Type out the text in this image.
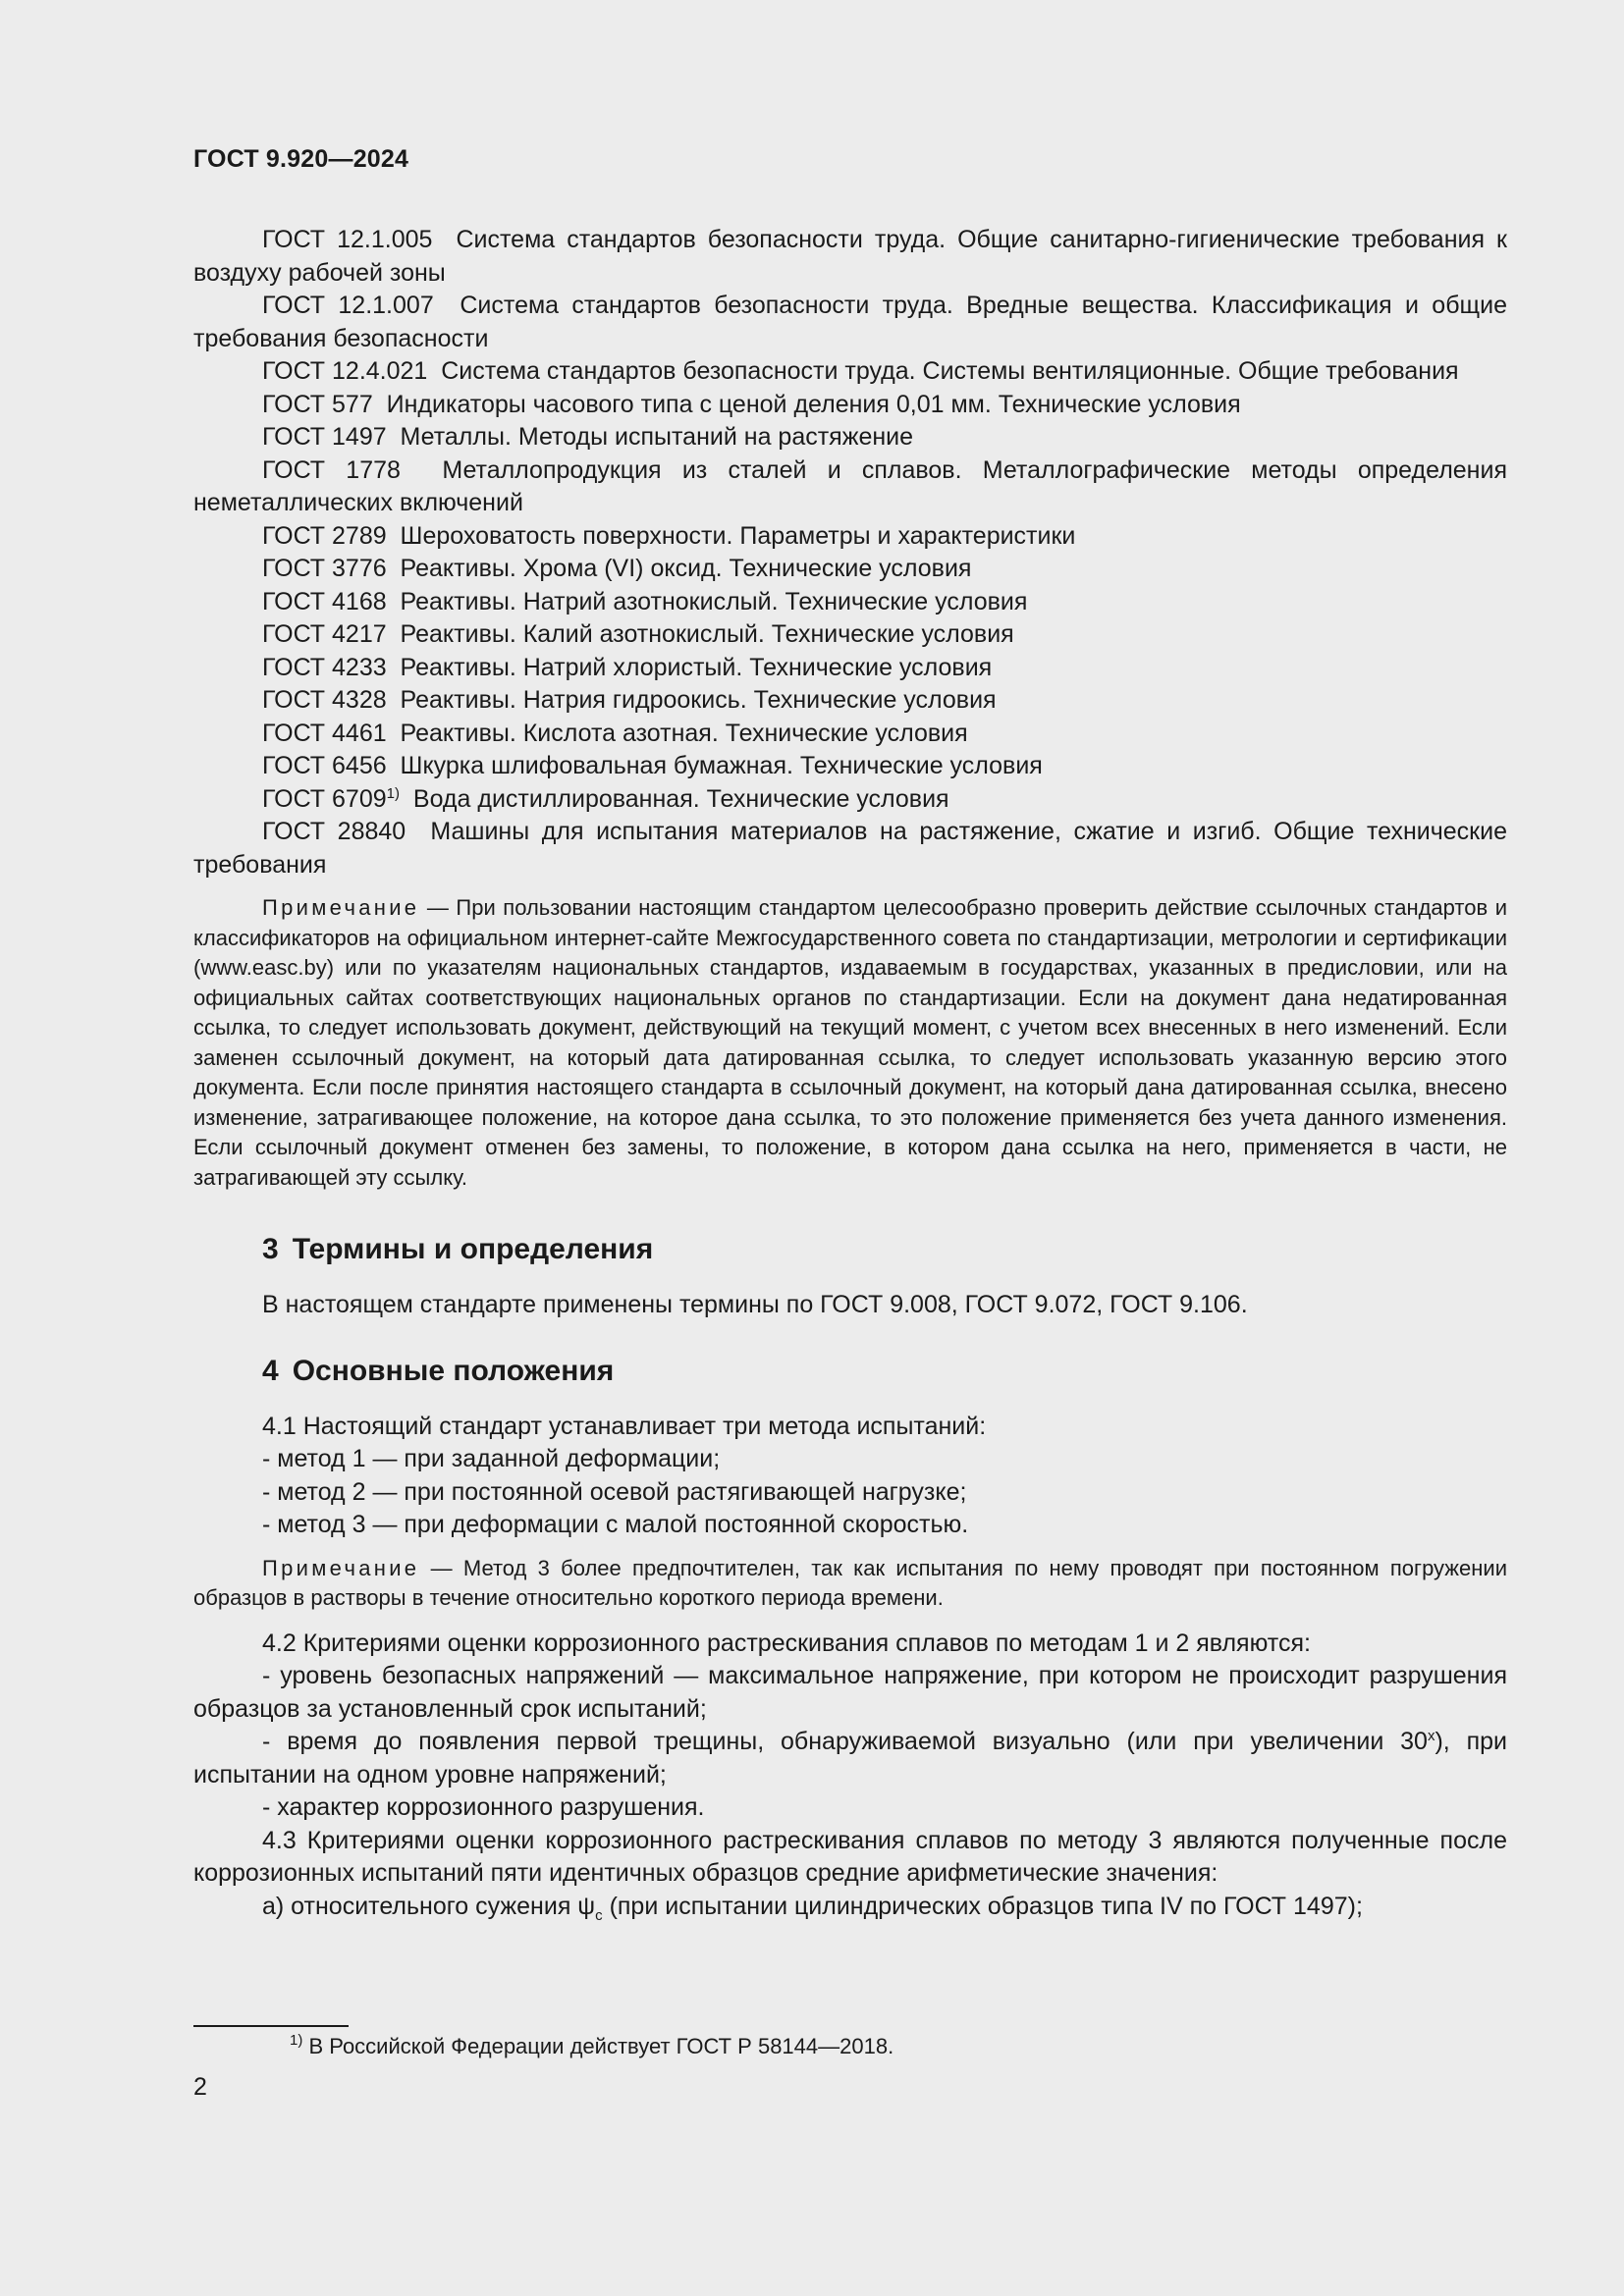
ГОСТ 9.920—2024

ГОСТ 12.1.005 Система стандартов безопасности труда. Общие санитарно-гигиенические требования к воздуху рабочей зоны

ГОСТ 12.1.007 Система стандартов безопасности труда. Вредные вещества. Классификация и общие требования безопасности

ГОСТ 12.4.021 Система стандартов безопасности труда. Системы вентиляционные. Общие требования

ГОСТ 577 Индикаторы часового типа с ценой деления 0,01 мм. Технические условия

ГОСТ 1497 Металлы. Методы испытаний на растяжение

ГОСТ 1778 Металлопродукция из сталей и сплавов. Металлографические методы определения неметаллических включений

ГОСТ 2789 Шероховатость поверхности. Параметры и характеристики

ГОСТ 3776 Реактивы. Хрома (VI) оксид. Технические условия

ГОСТ 4168 Реактивы. Натрий азотнокислый. Технические условия

ГОСТ 4217 Реактивы. Калий азотнокислый. Технические условия

ГОСТ 4233 Реактивы. Натрий хлористый. Технические условия

ГОСТ 4328 Реактивы. Натрия гидроокись. Технические условия

ГОСТ 4461 Реактивы. Кислота азотная. Технические условия

ГОСТ 6456 Шкурка шлифовальная бумажная. Технические условия

ГОСТ 6709$^{1)}$ Вода дистиллированная. Технические условия

ГОСТ 28840 Машины для испытания материалов на растяжение, сжатие и изгиб. Общие технические требования

Примечание — При пользовании настоящим стандартом целесообразно проверить действие ссылочных стандартов и классификаторов на официальном интернет-сайте Межгосударственного совета по стандартизации, метрологии и сертификации (www.easc.by) или по указателям национальных стандартов, издаваемым в государствах, указанных в предисловии, или на официальных сайтах соответствующих национальных органов по стандартизации. Если на документ дана недатированная ссылка, то следует использовать документ, действующий на текущий момент, с учетом всех внесенных в него изменений. Если заменен ссылочный документ, на который дата датированная ссылка, то следует использовать указанную версию этого документа. Если после принятия настоящего стандарта в ссылочный документ, на который дана датированная ссылка, внесено изменение, затрагивающее положение, на которое дана ссылка, то это положение применяется без учета данного изменения. Если ссылочный документ отменен без замены, то положение, в котором дана ссылка на него, применяется в части, не затрагивающей эту ссылку.

3 Термины и определения

В настоящем стандарте применены термины по ГОСТ 9.008, ГОСТ 9.072, ГОСТ 9.106.

4 Основные положения

4.1 Настоящий стандарт устанавливает три метода испытаний:

- метод 1 — при заданной деформации;

- метод 2 — при постоянной осевой растягивающей нагрузке;

- метод 3 — при деформации с малой постоянной скоростью.

Примечание — Метод 3 более предпочтителен, так как испытания по нему проводят при постоянном погружении образцов в растворы в течение относительно короткого периода времени.

4.2 Критериями оценки коррозионного растрескивания сплавов по методам 1 и 2 являются:

- уровень безопасных напряжений — максимальное напряжение, при котором не происходит разрушения образцов за установленный срок испытаний;

- время до появления первой трещины, обнаруживаемой визуально (или при увеличении $30^х$), при испытании на одном уровне напряжений;

- характер коррозионного разрушения.

4.3 Критериями оценки коррозионного растрескивания сплавов по методу 3 являются полученные после коррозионных испытаний пяти идентичных образцов средние арифметические значения:

а) относительного сужения $\psi_с$ (при испытании цилиндрических образцов типа IV по ГОСТ 1497);

$^{1)}$ В Российской Федерации действует ГОСТ Р 58144—2018.
2
